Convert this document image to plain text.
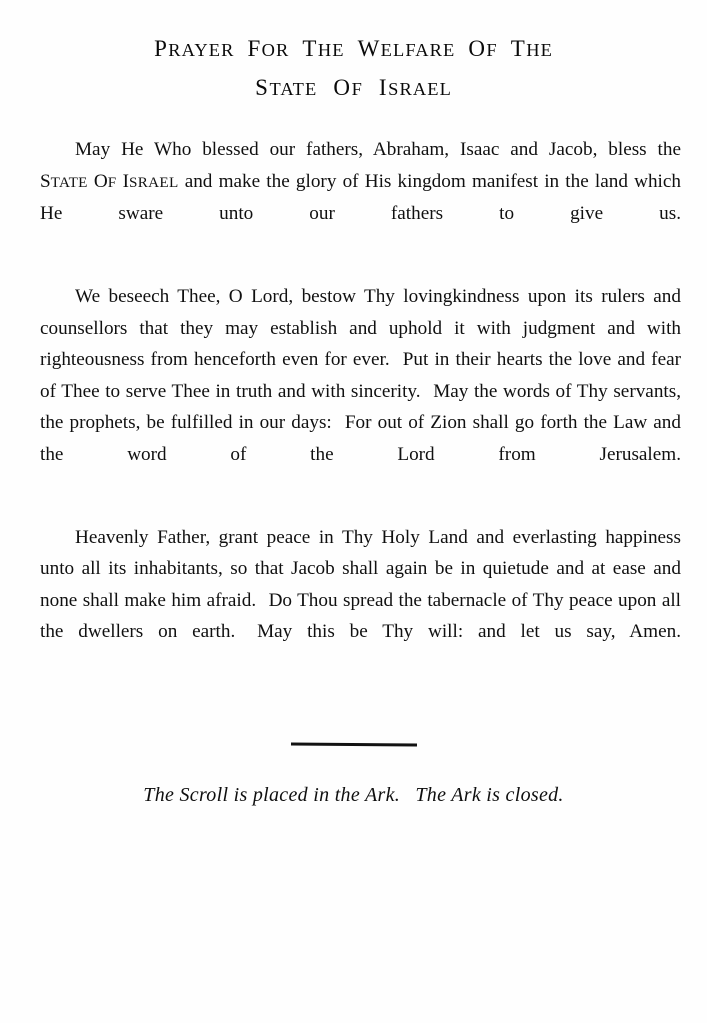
PRAYER FOR THE WELFARE OF THE
STATE OF ISRAEL

May He Who blessed our fathers, Abraham, Isaac and Jacob, bless the STATE OF ISRAEL and make the glory of His kingdom manifest in the land which He sware unto our fathers to give us.

We beseech Thee, O Lord, bestow Thy lovingkindness upon its rulers and counsellors that they may establish and uphold it with judgment and with righteousness from henceforth even for ever. Put in their hearts the love and fear of Thee to serve Thee in truth and with sincerity. May the words of Thy servants, the prophets, be fulfilled in our days: For out of Zion shall go forth the Law and the word of the Lord from Jerusalem.

Heavenly Father, grant peace in Thy Holy Land and everlasting happiness unto all its inhabitants, so that Jacob shall again be in quietude and at ease and none shall make him afraid. Do Thou spread the tabernacle of Thy peace upon all the dwellers on earth. May this be Thy will: and let us say, Amen.

The Scroll is placed in the Ark. The Ark is closed.
